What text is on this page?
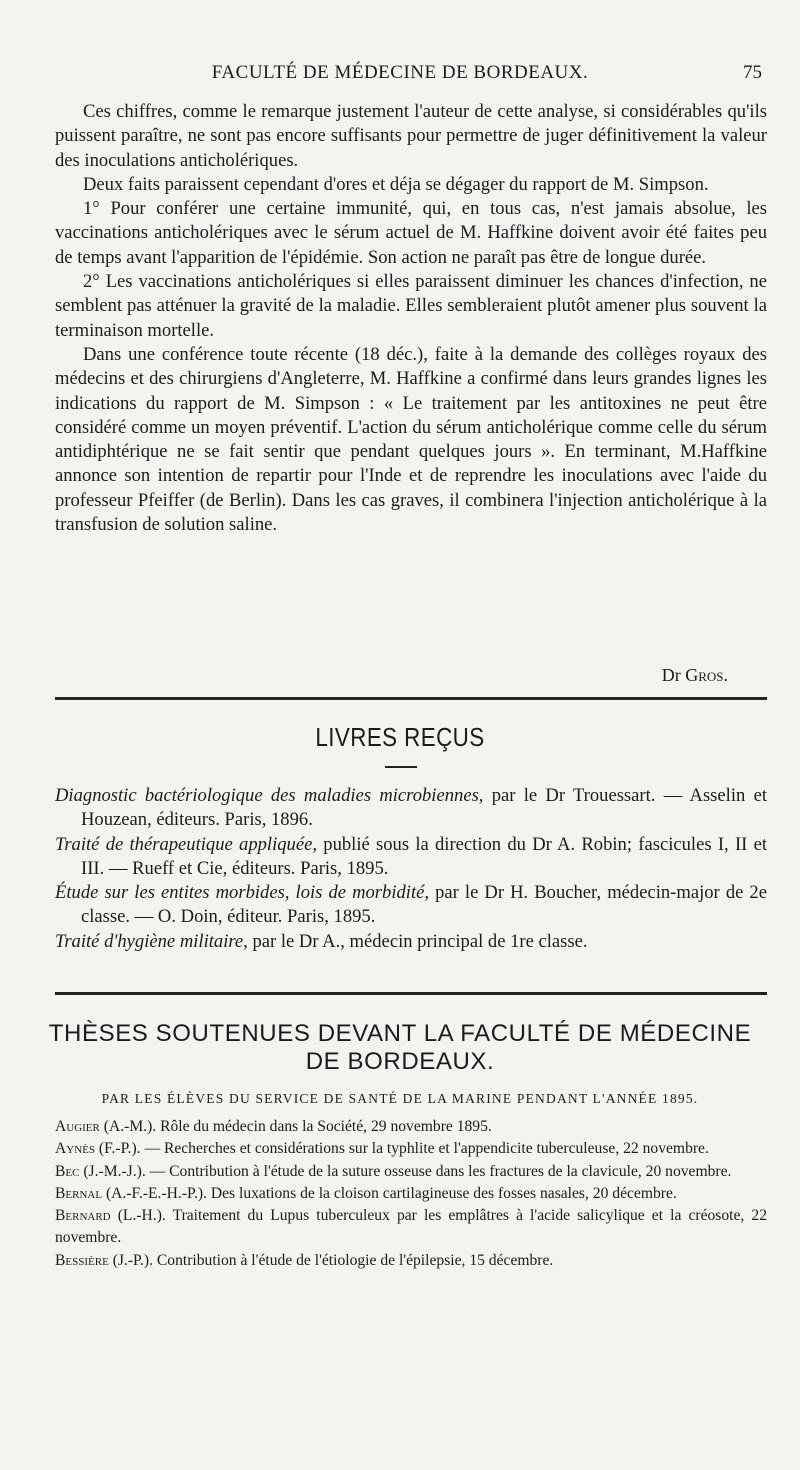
FACULTÉ DE MÉDECINE DE BORDEAUX.	75

Ces chiffres, comme le remarque justement l'auteur de cette analyse, si considérables qu'ils puissent paraître, ne sont pas encore suffisants pour permettre de juger définitivement la valeur des inoculations anticholériques.

Deux faits paraissent cependant d'ores et déja se dégager du rapport de M. Simpson.

1° Pour conférer une certaine immunité, qui, en tous cas, n'est jamais absolue, les vaccinations anticholériques avec le sérum actuel de M. Haffkine doivent avoir été faites peu de temps avant l'apparition de l'épidémie. Son action ne paraît pas être de longue durée.

2° Les vaccinations anticholériques si elles paraissent diminuer les chances d'infection, ne semblent pas atténuer la gravité de la maladie. Elles sembleraient plutôt amener plus souvent la terminaison mortelle.

Dans une conférence toute récente (18 déc.), faite à la demande des collèges royaux des médecins et des chirurgiens d'Angleterre, M. Haffkine a confirmé dans leurs grandes lignes les indications du rapport de M. Simpson : « Le traitement par les antitoxines ne peut être considéré comme un moyen préventif. L'action du sérum anticholérique comme celle du sérum antidiphtérique ne se fait sentir que pendant quelques jours ». En terminant, M.Haffkine annonce son intention de repartir pour l'Inde et de reprendre les inoculations avec l'aide du professeur Pfeiffer (de Berlin). Dans les cas graves, il combinera l'injection anticholérique à la transfusion de solution saline.

Dr Gros.
LIVRES REÇUS

Diagnostic bactériologique des maladies microbiennes, par le Dr Trouessart. — Asselin et Houzean, éditeurs. Paris, 1896.

Traité de thérapeutique appliquée, publié sous la direction du Dr A. Robin; fascicules I, II et III. — Rueff et Cie, éditeurs. Paris, 1895.

Étude sur les entites morbides, lois de morbidité, par le Dr H. Boucher, médecin-major de 2e classe. — O. Doin, éditeur. Paris, 1895.

Traité d'hygiène militaire, par le Dr A., médecin principal de 1re classe.

THÈSES SOUTENUES DEVANT LA FACULTÉ DE MÉDECINE
DE BORDEAUX.
PAR LES ÉLÈVES DU SERVICE DE SANTÉ DE LA MARINE PENDANT L'ANNÉE 1895.

Augier (A.-M.). Rôle du médecin dans la Société, 29 novembre 1895.

Aynès (F.-P.). — Recherches et considérations sur la typhlite et l'appendicite tuberculeuse, 22 novembre.

Bec (J.-M.-J.). — Contribution à l'étude de la suture osseuse dans les fractures de la clavicule, 20 novembre.

Bernal (A.-F.-E.-H.-P.). Des luxations de la cloison cartilagineuse des fosses nasales, 20 décembre.

Bernard (L.-H.). Traitement du Lupus tuberculeux par les emplâtres à l'acide salicylique et la créosote, 22 novembre.

Bessière (J.-P.). Contribution à l'étude de l'étiologie de l'épilepsie, 15 décembre.
